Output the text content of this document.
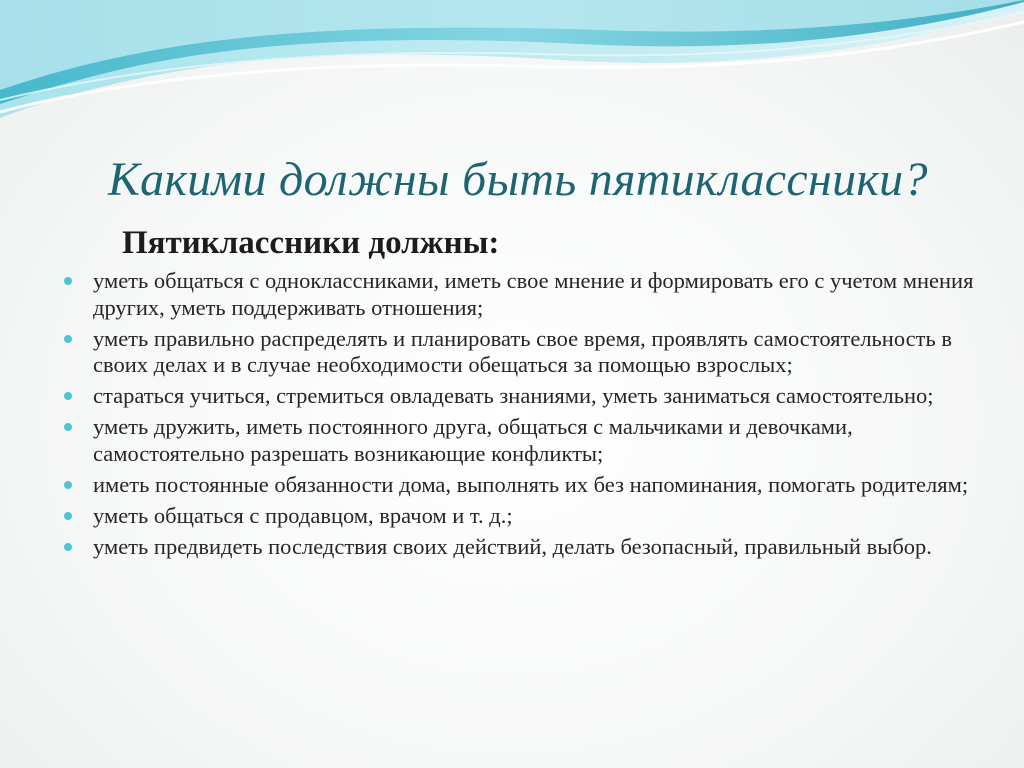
Какими должны быть пятиклассники?
Пятиклассники должны:
уметь общаться с одноклассниками, иметь свое мнение и формировать его с учетом мнения других, уметь поддерживать отношения;
уметь правильно распределять и планировать свое время, проявлять самостоятельность в своих делах и в случае необходимости обещаться за помощью взрослых;
стараться учиться, стремиться овладевать знаниями, уметь заниматься самостоятельно;
уметь дружить, иметь постоянного друга, общаться с мальчиками и девочками, самостоятельно разрешать возникающие конфликты;
иметь постоянные обязанности дома, выполнять их без напоминания, помогать родителям;
уметь общаться с продавцом, врачом и т. д.;
уметь предвидеть последствия своих действий, делать безопасный, правильный выбор.
